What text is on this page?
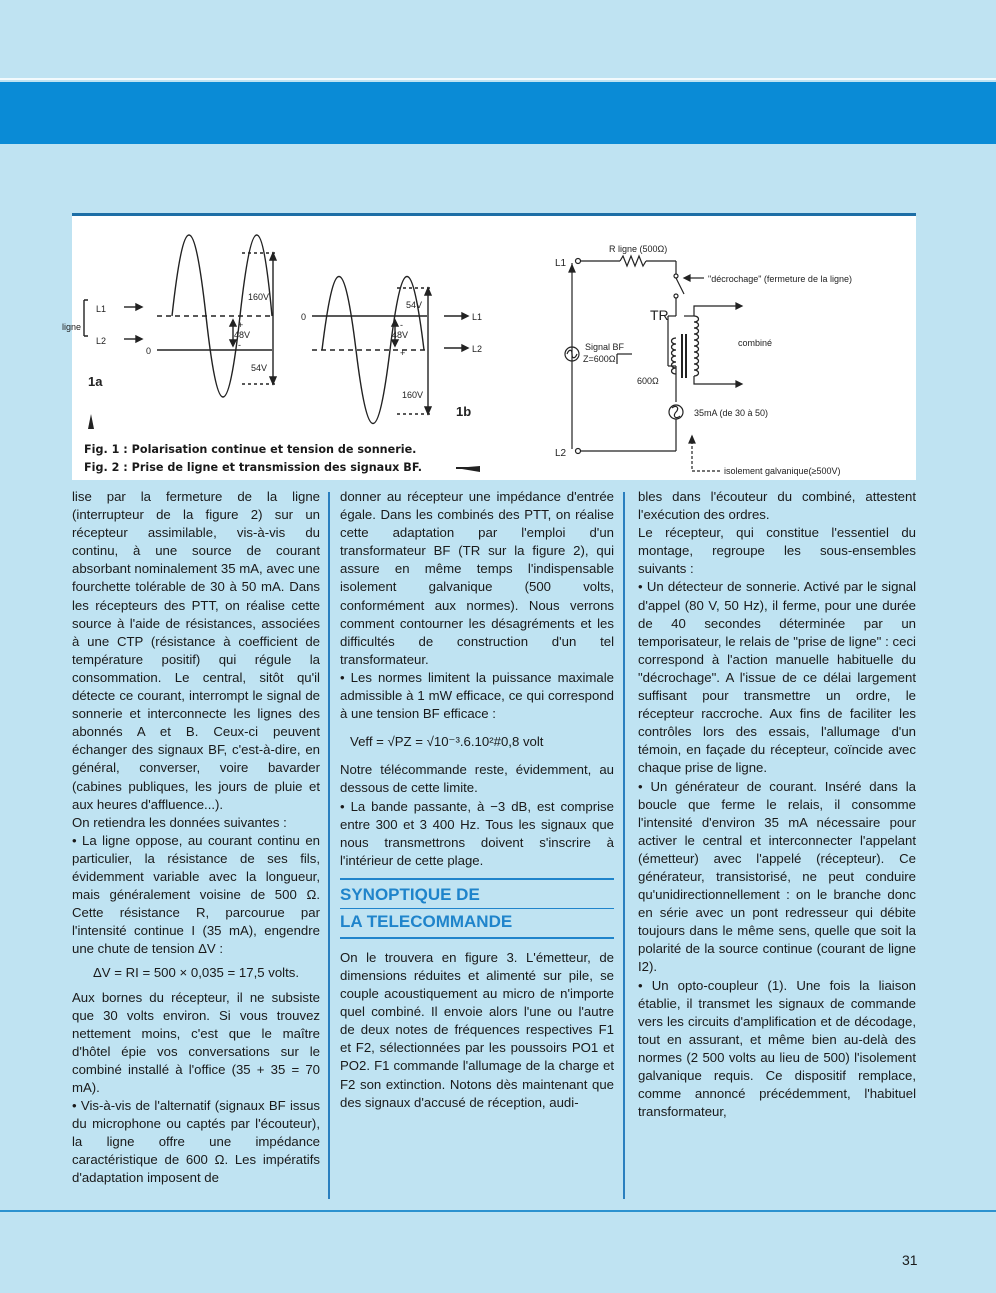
ligne
L1
L2
0
160V
48V
54V
+
-
1a
0
54V
48V
160V
+
-
L1
L2
1b
L1
L2
R ligne (500Ω)
"décrochage" (fermeture de la ligne)
TR
combiné
Signal BF
Z=600Ω
600Ω
35mA (de 30 à 50)
isolement galvanique(≥500V)
Fig. 1 : Polarisation continue et tension de sonnerie.
Fig. 2 : Prise de ligne et transmission des signaux BF.

lise par la fermeture de la ligne (interrupteur de la figure 2) sur un récepteur assimilable, vis-à-vis du continu, à une source de courant absorbant nominalement 35 mA, avec une fourchette tolérable de 30 à 50 mA. Dans les récepteurs des PTT, on réalise cette source à l'aide de résistances, associées à une CTP (résistance à coefficient de température positif) qui régule la consommation. Le central, sitôt qu'il détecte ce courant, interrompt le signal de sonnerie et interconnecte les lignes des abonnés A et B. Ceux-ci peuvent échanger des signaux BF, c'est-à-dire, en général, converser, voire bavarder (cabines publiques, les jours de pluie et aux heures d'affluence...).

On retiendra les données suivantes :

• La ligne oppose, au courant continu en particulier, la résistance de ses fils, évidemment variable avec la longueur, mais généralement voisine de 500 Ω. Cette résistance R, parcourue par l'intensité continue I (35 mA), engendre une chute de tension ΔV :

ΔV = RI = 500 × 0,035 = 17,5 volts.

Aux bornes du récepteur, il ne subsiste que 30 volts environ. Si vous trouvez nettement moins, c'est que le maître d'hôtel épie vos conversations sur le combiné installé à l'office (35 + 35 = 70 mA).

• Vis-à-vis de l'alternatif (signaux BF issus du microphone ou captés par l'écouteur), la ligne offre une impédance caractéristique de 600 Ω. Les impératifs d'adaptation imposent de

donner au récepteur une impédance d'entrée égale. Dans les combinés des PTT, on réalise cette adaptation par l'emploi d'un transformateur BF (TR sur la figure 2), qui assure en même temps l'indispensable isolement galvanique (500 volts, conformément aux normes). Nous verrons comment contourner les désagréments et les difficultés de construction d'un tel transformateur.

• Les normes limitent la puissance maximale admissible à 1 mW efficace, ce qui correspond à une tension BF efficace :

Veff = √PZ = √10⁻³.6.10²#0,8 volt

Notre télécommande reste, évidemment, au dessous de cette limite.

• La bande passante, à −3 dB, est comprise entre 300 et 3 400 Hz. Tous les signaux que nous transmettrons doivent s'inscrire à l'intérieur de cette plage.

SYNOPTIQUE DE
LA TELECOMMANDE

On le trouvera en figure 3. L'émetteur, de dimensions réduites et alimenté sur pile, se couple acoustiquement au micro de n'importe quel combiné. Il envoie alors l'une ou l'autre de deux notes de fréquences respectives F1 et F2, sélectionnées par les poussoirs PO1 et PO2. F1 commande l'allumage de la charge et F2 son extinction. Notons dès maintenant que des signaux d'accusé de réception, audi-

bles dans l'écouteur du combiné, attestent l'exécution des ordres.

Le récepteur, qui constitue l'essentiel du montage, regroupe les sous-ensembles suivants :

• Un détecteur de sonnerie. Activé par le signal d'appel (80 V, 50 Hz), il ferme, pour une durée de 40 secondes déterminée par un temporisateur, le relais de "prise de ligne" : ceci correspond à l'action manuelle habituelle du "décrochage". A l'issue de ce délai largement suffisant pour transmettre un ordre, le récepteur raccroche. Aux fins de faciliter les contrôles lors des essais, l'allumage d'un témoin, en façade du récepteur, coïncide avec chaque prise de ligne.

• Un générateur de courant. Inséré dans la boucle que ferme le relais, il consomme l'intensité d'environ 35 mA nécessaire pour activer le central et interconnecter l'appelant (émetteur) avec l'appelé (récepteur). Ce générateur, transistorisé, ne peut conduire qu'unidirectionnellement : on le branche donc en série avec un pont redresseur qui débite toujours dans le même sens, quelle que soit la polarité de la source continue (courant de ligne I2).

• Un opto-coupleur (1). Une fois la liaison établie, il transmet les signaux de commande vers les circuits d'amplification et de décodage, tout en assurant, et même bien au-delà des normes (2 500 volts au lieu de 500) l'isolement galvanique requis. Ce dispositif remplace, comme annoncé précédemment, l'habituel transformateur,

31
